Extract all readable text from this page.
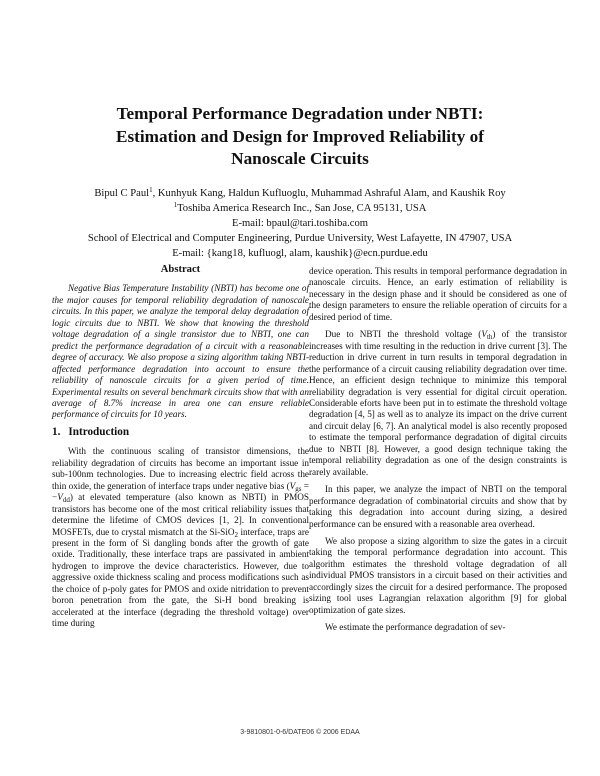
Temporal Performance Degradation under NBTI:
Estimation and Design for Improved Reliability of
Nanoscale Circuits
Bipul C Paul$^1$, Kunhyuk Kang, Haldun Kufluoglu, Muhammad Ashraful Alam, and Kaushik Roy
$^1$Toshiba America Research Inc., San Jose, CA 95131, USA
E-mail: bpaul@tari.toshiba.com
School of Electrical and Computer Engineering, Purdue University, West Lafayette, IN 47907, USA
E-mail: {kang18, kufluogl, alam, kaushik}@ecn.purdue.edu
Abstract

Negative Bias Temperature Instability (NBTI) has become one of the major causes for temporal reliability degradation of nanoscale circuits. In this paper, we analyze the temporal delay degradation of logic circuits due to NBTI. We show that knowing the threshold voltage degradation of a single transistor due to NBTI, one can predict the performance degradation of a circuit with a reasonable degree of accuracy. We also propose a sizing algorithm taking NBTI-affected performance degradation into account to ensure the reliability of nanoscale circuits for a given period of time. Experimental results on several benchmark circuits show that with an average of 8.7% increase in area one can ensure reliable performance of circuits for 10 years.

1. Introduction

With the continuous scaling of transistor dimensions, the reliability degradation of circuits has become an important issue in sub-100nm technologies. Due to increasing electric field across the thin oxide, the generation of interface traps under negative bias $(V_{gs} = -V_{dd})$ at elevated temperature (also known as NBTI) in PMOS transistors has become one of the most critical reliability issues that determine the lifetime of CMOS devices [1, 2]. In conventional MOSFETs, due to crystal mismatch at the Si-SiO$_2$ interface, traps are present in the form of Si dangling bonds after the growth of gate oxide. Traditionally, these interface traps are passivated in ambient hydrogen to improve the device characteristics. However, due to aggressive oxide thickness scaling and process modifications such as the choice of p-poly gates for PMOS and oxide nitridation to prevent boron penetration from the gate, the Si-H bond breaking is accelerated at the interface (degrading the threshold voltage) over time during

device operation. This results in temporal performance degradation in nanoscale circuits. Hence, an early estimation of reliability is necessary in the design phase and it should be considered as one of the design parameters to ensure the reliable operation of circuits for a desired period of time.

Due to NBTI the threshold voltage $(V_{th})$ of the transistor increases with time resulting in the reduction in drive current [3]. The reduction in drive current in turn results in temporal degradation in the performance of a circuit causing reliability degradation over time. Hence, an efficient design technique to minimize this temporal reliability degradation is very essential for digital circuit operation. Considerable eforts have been put in to estimate the threshold voltage degradation [4, 5] as well as to analyze its impact on the drive current and circuit delay [6, 7]. An analytical model is also recently proposed to estimate the temporal performance degradation of digital circuits due to NBTI [8]. However, a good design technique taking the temporal reliability degradation as one of the design constraints is rarely available.

In this paper, we analyze the impact of NBTI on the temporal performance degradation of combinatorial circuits and show that by taking this degradation into account during sizing, a desired performance can be ensured with a reasonable area overhead.

We also propose a sizing algorithm to size the gates in a circuit taking the temporal performance degradation into account. This algorithm estimates the threshold voltage degradation of all individual PMOS transistors in a circuit based on their activities and accordingly sizes the circuit for a desired performance. The proposed sizing tool uses Lagrangian relaxation algorithm [9] for global optimization of gate sizes.

We estimate the performance degradation of sev-

3-9810801-0-6/DATE06 © 2006 EDAA
